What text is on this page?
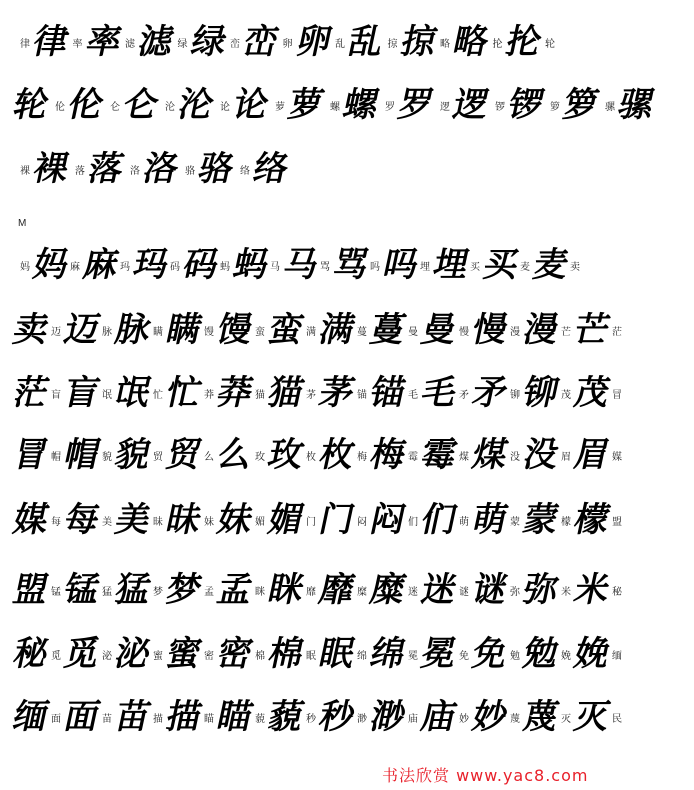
律 律 率 率 滤 滤 绿 绿 峦 峦 卵 卵 乱 乱 掠 掠 略 略 抡 抡 轮
轮 伦 伦 仑 仑 沦 沦 论 论 萝 萝 螺 螺 罗 罗 逻 逻 锣 锣 箩 箩 骡 骡
裸 裸 落 落 洛 洛 骆 骆 络 络
妈 妈
麻 麻
玛 玛
码 码
蚂 蚂
马 马
骂 骂
吗 吗
埋 埋
买 买
麦 麦
卖
卖
迈 迈
脉 脉
瞒 瞒
馒 馒
蛮 蛮
满 满
蔓 蔓
曼 曼
慢 慢
漫 漫
芒 芒
茫
茫
盲 盲
氓 氓
忙 忙
莽 莽
猫 猫
茅 茅
锚 锚
毛 毛
矛 矛
铆 铆
茂 茂
冒
冒
帽 帽
貌 貌
贸 贸
么 么
玫 玫
枚 枚
梅 梅
霉 霉
煤 煤
没 没
眉 眉
媒
媒
每 每
美 美
昧 昧
妹 妹
媚 媚
门 门
闷 闷
们 们
萌 萌
蒙 蒙
檬 檬
盟
盟
锰 锰
猛 猛
梦 梦
孟 孟
眯 眯
靡 靡
糜 糜
迷 迷
谜 谜
弥 弥
米 米
秘
秘
觅 觅
泌 泌
蜜 蜜
密 密
棉 棉
眠 眠
绵 绵
冕 冕
免 免
勉 勉
娩 娩
缅
缅
面 面
苗 苗
描 描
瞄 瞄
藐 藐
秒 秒
渺 渺
庙 庙
妙 妙
蔑 蔑
灭 灭
民
M
书法欣赏 www.yac8.com
